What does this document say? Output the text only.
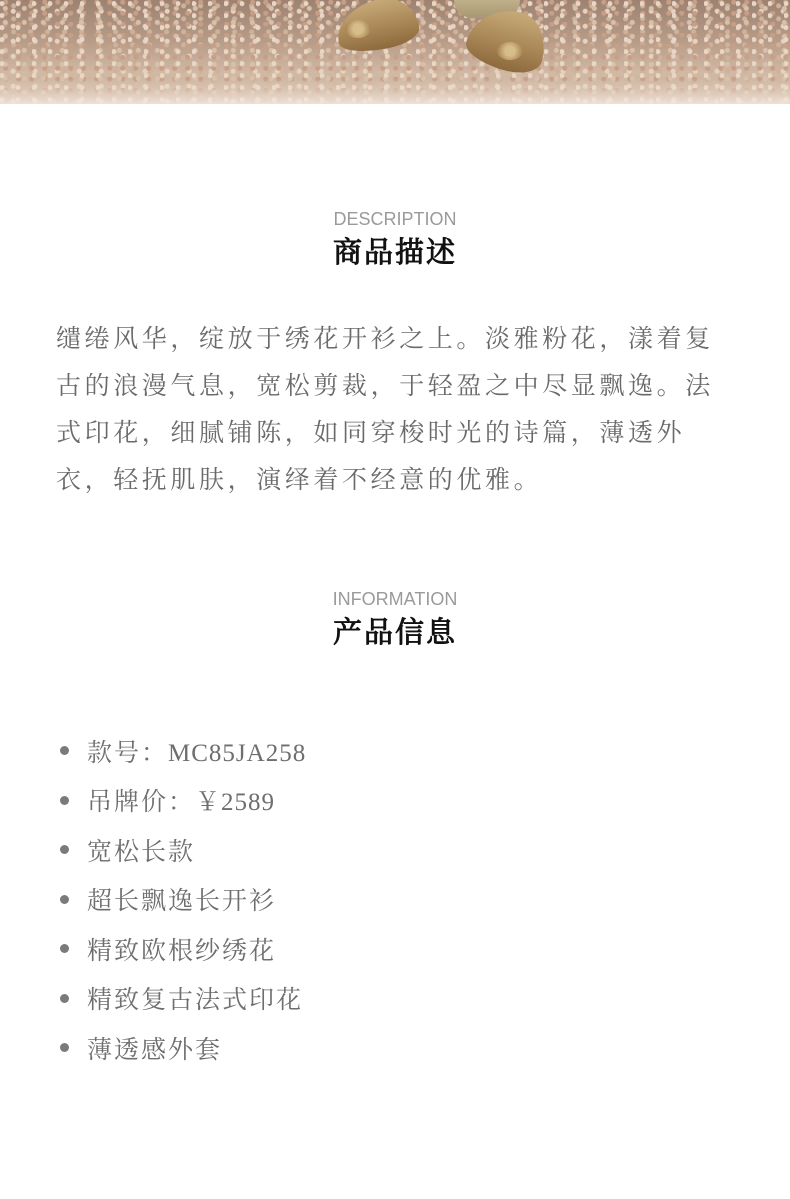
DESCRIPTION
商品描述
缱绻风华，绽放于绣花开衫之上。淡雅粉花，漾着复古的浪漫气息，宽松剪裁，于轻盈之中尽显飘逸。法式印花，细腻铺陈，如同穿梭时光的诗篇，薄透外衣，轻抚肌肤，演绎着不经意的优雅。
INFORMATION
产品信息
款号：MC85JA258
吊牌价：￥2589
宽松长款
超长飘逸长开衫
精致欧根纱绣花
精致复古法式印花
薄透感外套
